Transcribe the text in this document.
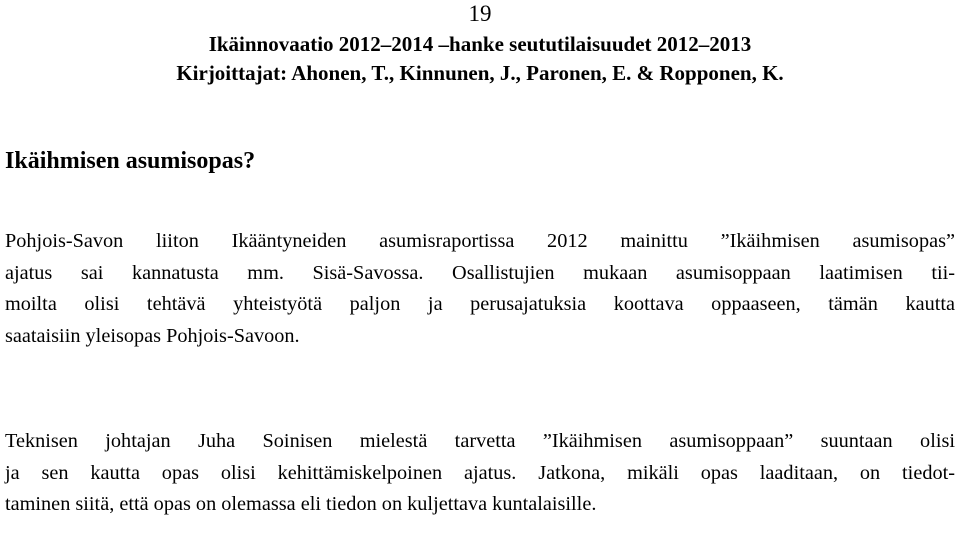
19
Ikäinnovaatio 2012–2014 –hanke seututilaisuudet 2012–2013
Kirjoittajat: Ahonen, T., Kinnunen, J., Paronen, E. & Ropponen, K.
Ikäihmisen asumisopas?

Pohjois-Savon liiton Ikääntyneiden asumisraportissa 2012 mainittu ”Ikäihmisen asumisopas”
ajatus sai kannatusta mm. Sisä-Savossa. Osallistujien mukaan asumisoppaan laatimisen tii-
moilta olisi tehtävä yhteistyötä paljon ja perusajatuksia koottava oppaaseen, tämän kautta
saataisiin yleisopas Pohjois-Savoon.

Teknisen johtajan Juha Soinisen mielestä tarvetta ”Ikäihmisen asumisoppaan” suuntaan olisi
ja sen kautta opas olisi kehittämiskelpoinen ajatus. Jatkona, mikäli opas laaditaan, on tiedot-
taminen siitä, että opas on olemassa eli tiedon on kuljettava kuntalaisille.
